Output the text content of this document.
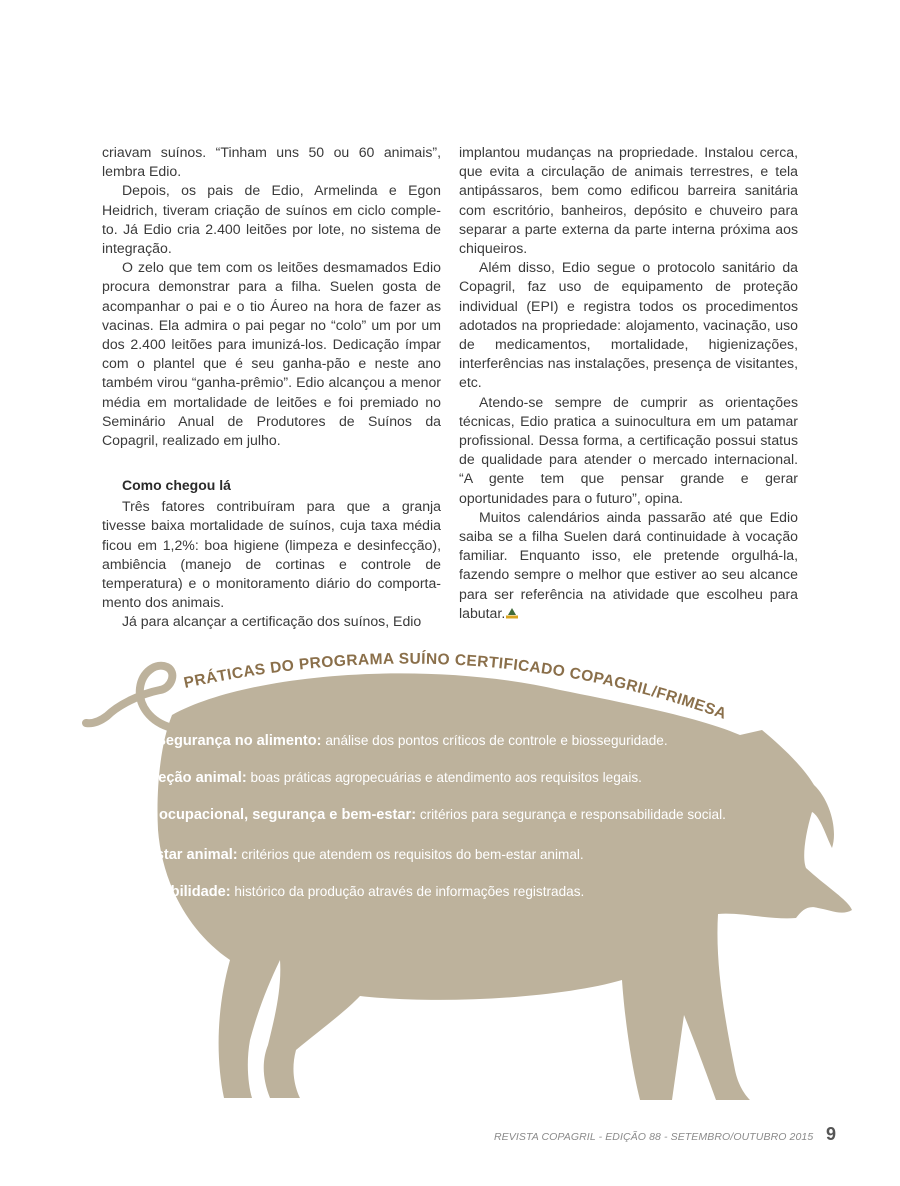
criavam suínos. “Tinham uns 50 ou 60 animais”, lembra Edio.

Depois, os pais de Edio, Armelinda e Egon Heidrich, tiveram criação de suínos em ciclo comple-to. Já Edio cria 2.400 leitões por lote, no sistema de integração.

O zelo que tem com os leitões desmamados Edio procura demonstrar para a filha. Suelen gosta de acompanhar o pai e o tio Áureo na hora de fazer as vacinas. Ela admira o pai pegar no “colo” um por um dos 2.400 leitões para imunizá-los. Dedicação ímpar com o plantel que é seu ganha-pão e neste ano também virou “ganha-prêmio”. Edio alcançou a menor média em mortalidade de leitões e foi premiado no Seminário Anual de Produtores de Suínos da Copagril, realizado em julho.

Como chegou lá

Três fatores contribuíram para que a granja tivesse baixa mortalidade de suínos, cuja taxa média ficou em 1,2%: boa higiene (limpeza e desinfecção), ambiência (manejo de cortinas e controle de temperatura) e o monitoramento diário do comporta-mento dos animais.

Já para alcançar a certificação dos suínos, Edio

implantou mudanças na propriedade. Instalou cerca, que evita a circulação de animais terrestres, e tela antipássaros, bem como edificou barreira sanitária com escritório, banheiros, depósito e chuveiro para separar a parte externa da parte interna próxima aos chiqueiros.

Além disso, Edio segue o protocolo sanitário da Copagril, faz uso de equipamento de proteção individual (EPI) e registra todos os procedimentos adotados na propriedade: alojamento, vacinação, uso de medicamentos, mortalidade, higienizações, interferências nas instalações, presença de visitantes, etc.

Atendo-se sempre de cumprir as orientações técnicas, Edio pratica a suinocultura em um patamar profissional. Dessa forma, a certificação possui status de qualidade para atender o mercado internacional. “A gente tem que pensar grande e gerar oportunidades para o futuro”, opina.

Muitos calendários ainda passarão até que Edio saiba se a filha Suelen dará continuidade à vocação familiar. Enquanto isso, ele pretende orgulhá-la, fazendo sempre o melhor que estiver ao seu alcance para ser referência na atividade que escolheu para labutar.

PRÁTICAS DO PROGRAMA SUÍNO CERTIFICADO COPAGRIL/FRIMESA
•Segurança no alimento: análise dos pontos críticos de controle e biosseguridade.
•Proteção animal: boas práticas agropecuárias e atendimento aos requisitos legais.
•Saúde ocupacional, segurança e bem-estar: critérios para segurança e responsabilidade social.
•Bem-estar animal: critérios que atendem os requisitos do bem-estar animal.
•Rastreabilidade: histórico da produção através de informações registradas.
REVISTA COPAGRIL - EDIÇÃO 88 - SETEMBRO/OUTUBRO 2015 9
